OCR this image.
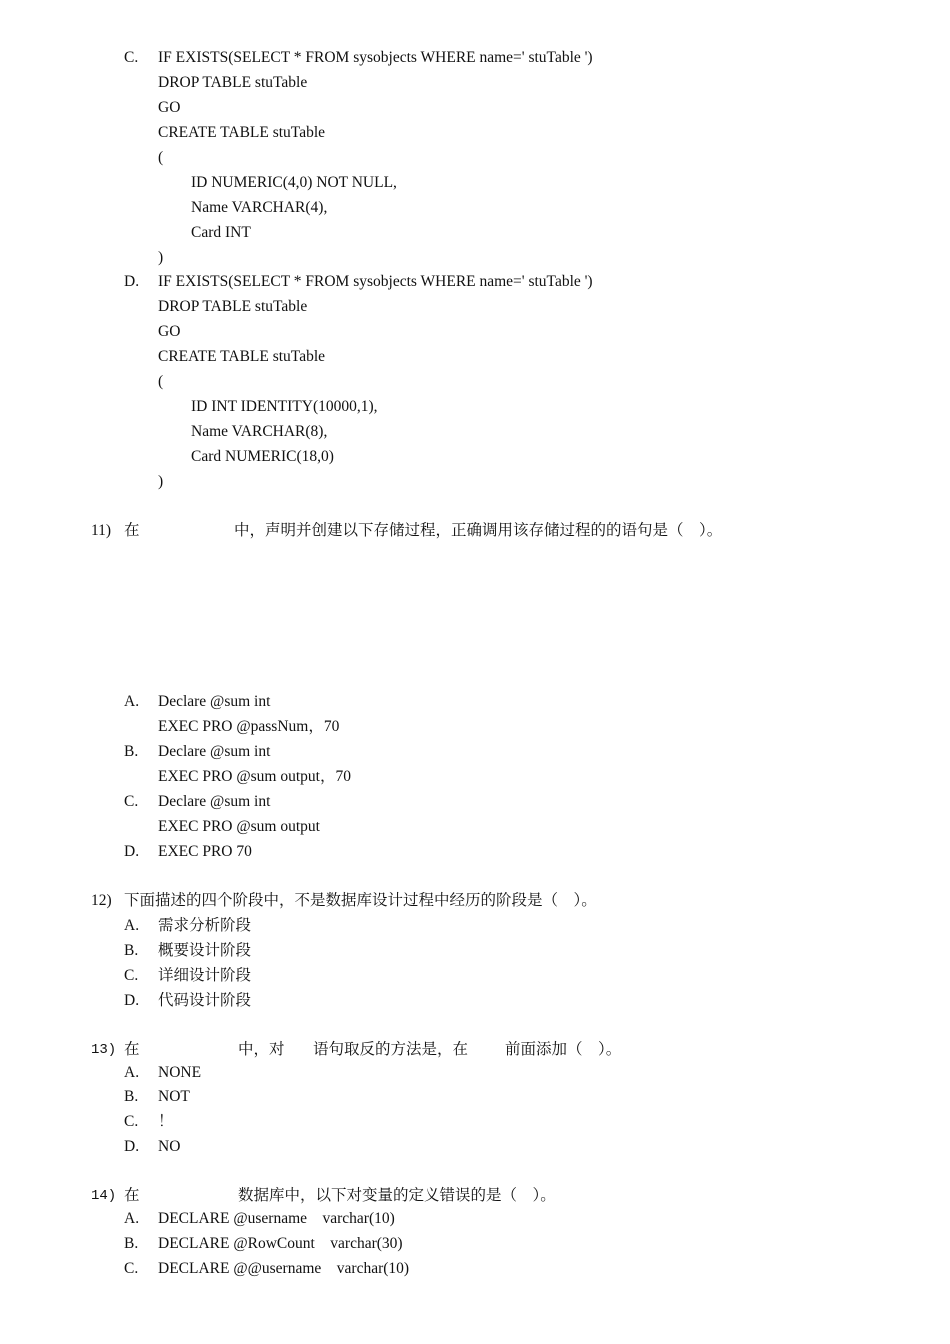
C. IF EXISTS(SELECT * FROM sysobjects WHERE name=' stuTable ')
DROP TABLE stuTable
GO
CREATE TABLE stuTable
(
ID NUMERIC(4,0) NOT NULL,
Name VARCHAR(4),
Card INT
)
D. IF EXISTS(SELECT * FROM sysobjects WHERE name=' stuTable ')
DROP TABLE stuTable
GO
CREATE TABLE stuTable
(
ID INT IDENTITY(10000,1),
Name VARCHAR(8),
Card NUMERIC(18,0)
)
11) 在	中，声明并创建以下存储过程，正确调用该存储过程的的语句是（　）。
A. Declare @sum int
EXEC PRO @passNum，70
B. Declare @sum int
EXEC PRO @sum output，70
C. Declare @sum int
EXEC PRO @sum output
D. EXEC PRO 70
12) 下面描述的四个阶段中，不是数据库设计过程中经历的阶段是（　）。
A. 需求分析阶段
B. 概要设计阶段
C. 详细设计阶段
D. 代码设计阶段
13) 在	中，对 语句取反的方法是，在 前面添加（　）。
A. NONE
B. NOT
C. ！
D. NO
14) 在	数据库中，以下对变量的定义错误的是（　）。
A. DECLARE @username    varchar(10)
B. DECLARE @RowCount    varchar(30)
C. DECLARE @@username    varchar(10)
